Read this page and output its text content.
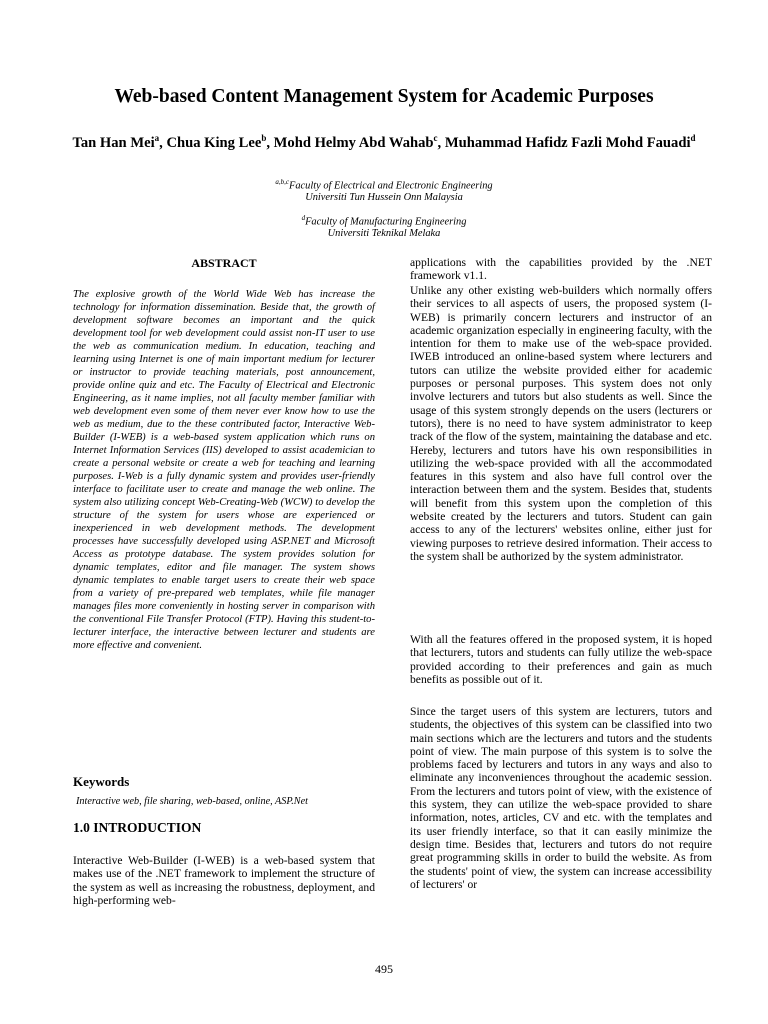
Web-based Content Management System for Academic Purposes
Tan Han Mei$^a$, Chua King Lee$^b$, Mohd Helmy Abd Wahab$^c$, Muhammad Hafidz Fazli Mohd Fauadi$^d$
$^{a,b,c}$Faculty of Electrical and Electronic Engineering
Universiti Tun Hussein Onn Malaysia
$^d$Faculty of Manufacturing Engineering
Universiti Teknikal Melaka
ABSTRACT

The explosive growth of the World Wide Web has increase the technology for information dissemination. Beside that, the growth of development software becomes an important and the quick development tool for web development could assist non-IT user to use the web as communication medium. In education, teaching and learning using Internet is one of main important medium for lecturer or instructor to provide teaching materials, post announcement, provide online quiz and etc. The Faculty of Electrical and Electronic Engineering, as it name implies, not all faculty member familiar with web development even some of them never ever know how to use the web as medium, due to the these contributed factor, Interactive Web-Builder (I-WEB) is a web-based system application which runs on Internet Information Services (IIS) developed to assist academician to create a personal website or create a web for teaching and learning purposes. I-Web is a fully dynamic system and provides user-friendly interface to facilitate user to create and manage the web online. The system also utilizing concept Web-Creating-Web (WCW) to develop the structure of the system for users whose are experienced or inexperienced in web development methods. The development processes have successfully developed using ASP.NET and Microsoft Access as prototype database. The system provides solution for dynamic templates, editor and file manager. The system shows dynamic templates to enable target users to create their web space from a variety of pre-prepared web templates, while file manager manages files more conveniently in hosting server in comparison with the conventional File Transfer Protocol (FTP). Having this student-to-lecturer interface, the interactive between lecturer and students are more effective and convenient.

Keywords
Interactive web, file sharing, web-based, online, ASP.Net
1.0 INTRODUCTION

Interactive Web-Builder (I-WEB) is a web-based system that makes use of the .NET framework to implement the structure of the system as well as increasing the robustness, deployment, and high-performing web-

applications with the capabilities provided by the .NET framework v1.1.

Unlike any other existing web-builders which normally offers their services to all aspects of users, the proposed system (I-WEB) is primarily concern lecturers and instructor of an academic organization especially in engineering faculty, with the intention for them to make use of the web-space provided. IWEB introduced an online-based system where lecturers and tutors can utilize the website provided either for academic purposes or personal purposes. This system does not only involve lecturers and tutors but also students as well. Since the usage of this system strongly depends on the users (lecturers or tutors), there is no need to have system administrator to keep track of the flow of the system, maintaining the database and etc. Hereby, lecturers and tutors have his own responsibilities in utilizing the web-space provided with all the accommodated features in this system and also have full control over the interaction between them and the system. Besides that, students will benefit from this system upon the completion of this website created by the lecturers and tutors. Student can gain access to any of the lecturers' websites online, either just for viewing purposes to retrieve desired information. Their access to the system shall be authorized by the system administrator.

With all the features offered in the proposed system, it is hoped that lecturers, tutors and students can fully utilize the web-space provided according to their preferences and gain as much benefits as possible out of it.

Since the target users of this system are lecturers, tutors and students, the objectives of this system can be classified into two main sections which are the lecturers and tutors and the students point of view. The main purpose of this system is to solve the problems faced by lecturers and tutors in any ways and also to eliminate any inconveniences throughout the academic session. From the lecturers and tutors point of view, with the existence of this system, they can utilize the web-space provided to share information, notes, articles, CV and etc. with the templates and its user friendly interface, so that it can easily minimize the design time. Besides that, lecturers and tutors do not require great programming skills in order to build the website. As from the students' point of view, the system can increase accessibility of lecturers' or

495
